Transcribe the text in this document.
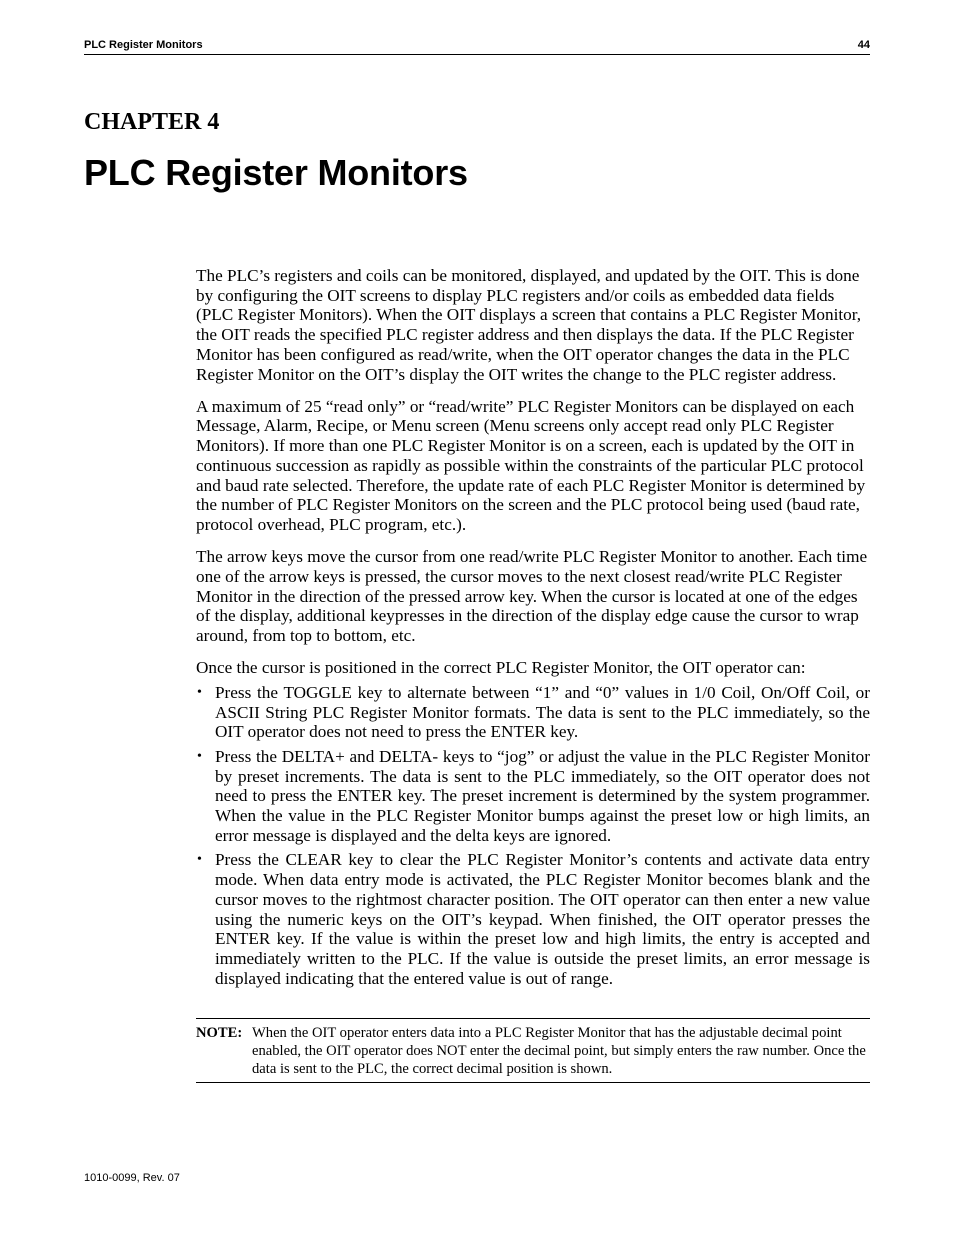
PLC Register Monitors	44
CHAPTER 4
PLC Register Monitors

The PLC’s registers and coils can be monitored, displayed, and updated by the OIT. This is done by configuring the OIT screens to display PLC registers and/or coils as embedded data fields (PLC Register Monitors). When the OIT displays a screen that contains a PLC Register Monitor, the OIT reads the specified PLC register address and then displays the data. If the PLC Register Monitor has been configured as read/write, when the OIT operator changes the data in the PLC Register Monitor on the OIT’s display the OIT writes the change to the PLC register address.

A maximum of 25 “read only” or “read/write” PLC Register Monitors can be displayed on each Message, Alarm, Recipe, or Menu screen (Menu screens only accept read only PLC Register Monitors). If more than one PLC Register Monitor is on a screen, each is updated by the OIT in continuous succession as rapidly as possible within the constraints of the particular PLC protocol and baud rate selected. Therefore, the update rate of each PLC Register Monitor is determined by the number of PLC Register Monitors on the screen and the PLC protocol being used (baud rate, protocol overhead, PLC program, etc.).

The arrow keys move the cursor from one read/write PLC Register Monitor to another. Each time one of the arrow keys is pressed, the cursor moves to the next closest read/write PLC Register Monitor in the direction of the pressed arrow key. When the cursor is located at one of the edges of the display, additional keypresses in the direction of the display edge cause the cursor to wrap around, from top to bottom, etc.

Once the cursor is positioned in the correct PLC Register Monitor, the OIT operator can:

• Press the TOGGLE key to alternate between “1” and “0” values in 1/0 Coil, On/Off Coil, or ASCII String PLC Register Monitor formats. The data is sent to the PLC immediately, so the OIT operator does not need to press the ENTER key.
• Press the DELTA+ and DELTA- keys to “jog” or adjust the value in the PLC Register Monitor by preset increments. The data is sent to the PLC immediately, so the OIT operator does not need to press the ENTER key. The preset increment is determined by the system programmer. When the value in the PLC Register Monitor bumps against the preset low or high limits, an error message is displayed and the delta keys are ignored.
• Press the CLEAR key to clear the PLC Register Monitor’s contents and activate data entry mode. When data entry mode is activated, the PLC Register Monitor becomes blank and the cursor moves to the rightmost character position. The OIT operator can then enter a new value using the numeric keys on the OIT’s keypad. When finished, the OIT operator presses the ENTER key. If the value is within the preset low and high limits, the entry is accepted and immediately written to the PLC. If the value is outside the preset limits, an error message is displayed indicating that the entered value is out of range.
NOTE: When the OIT operator enters data into a PLC Register Monitor that has the adjustable decimal point enabled, the OIT operator does NOT enter the decimal point, but simply enters the raw number. Once the data is sent to the PLC, the correct decimal position is shown.
1010-0099, Rev. 07
